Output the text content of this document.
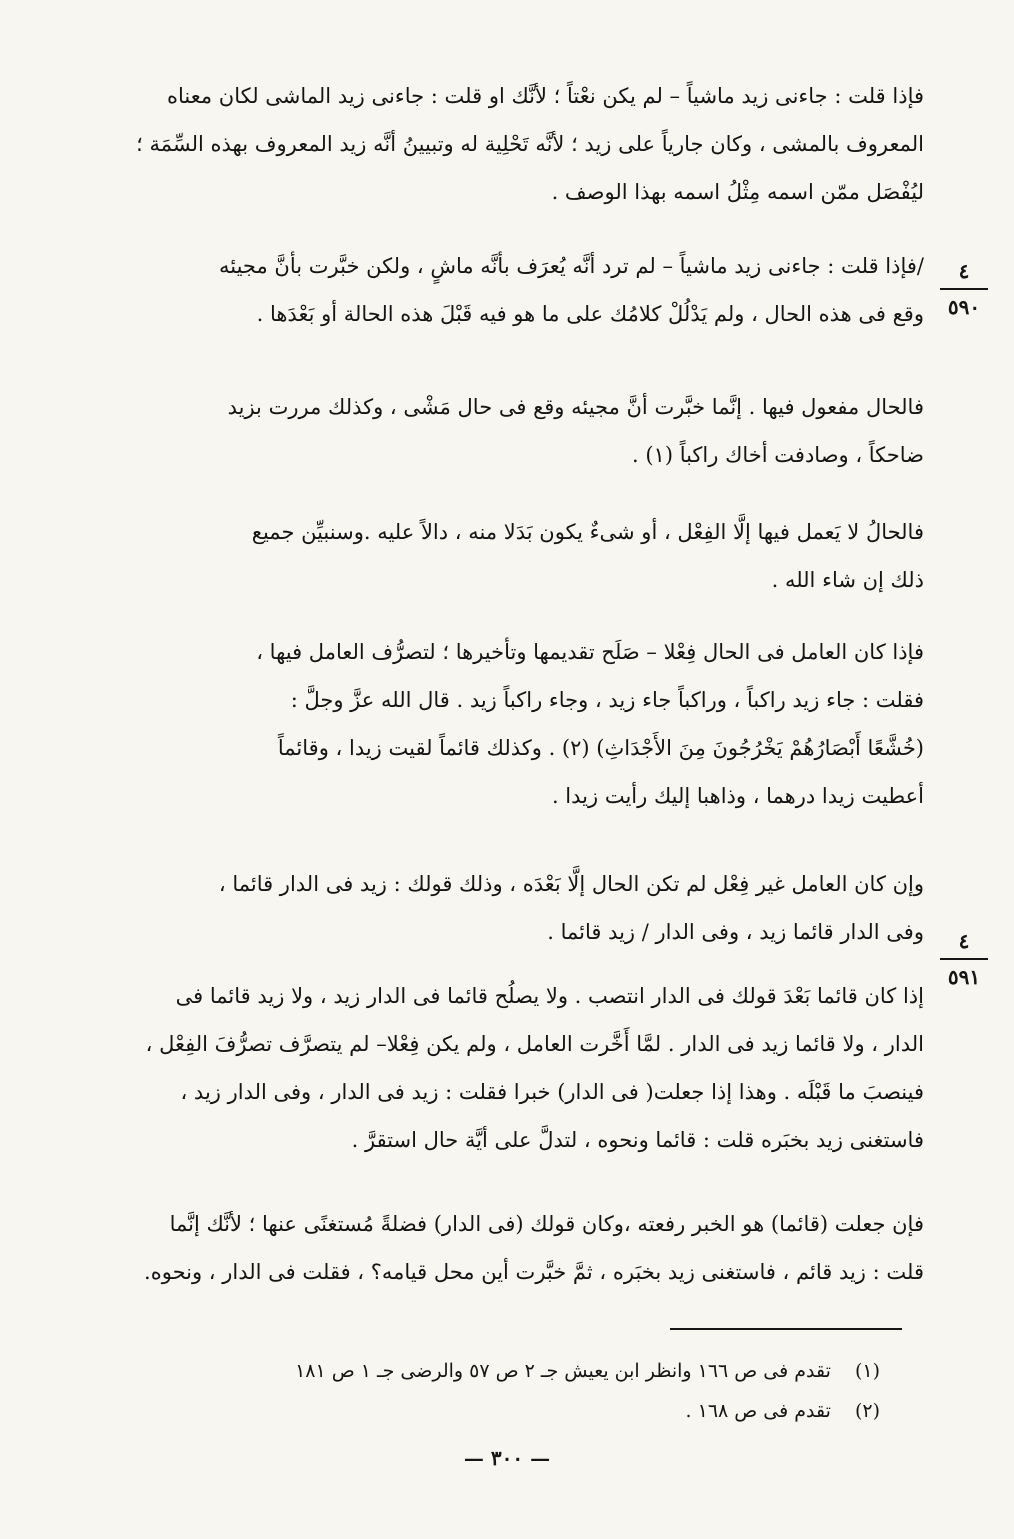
فإذا قلت : جاءنى زيد ماشياً – لم يكن نعْتاً ؛ لأنَّك او قلت : جاءنى زيد الماشى لكان معناه
المعروف بالمشى ، وكان جارياً على زيد ؛ لأنَّه تَحْلِية له وتبيينُ أنَّه زيد المعروف بهذه السِّمَة ؛
ليُفْصَل ممّن اسمه مِثْلُ اسمه بهذا الوصف .
/فإذا قلت : جاءنى زيد ماشياً – لم ترد أنَّه يُعرَف بأنَّه ماشٍ ، ولكن خبَّرت بأنَّ مجيئه
وقع فى هذه الحال ، ولم يَدْلُلْ كلامُك على ما هو فيه قَبْلَ هذه الحالة أو بَعْدَها .
فالحال مفعول فيها . إنَّما خبَّرت أنَّ مجيئه وقع فى حال مَشْى ، وكذلك مررت بزيد
ضاحكاً ، وصادفت أخاك راكباً (١) .
فالحالُ لا يَعمل فيها إلَّا الفِعْل ، أو شىءٌ يكون بَدَلا منه ، دالاً عليه .وسنبيِّن جميع
ذلك إن شاء الله .
فإذا كان العامل فى الحال فِعْلا – صَلَح تقديمها وتأخيرها ؛ لتصرُّف العامل فيها ،
فقلت : جاء زيد راكباً ، وراكباً جاء زيد ، وجاء راكباً زيد . قال الله عزَّ وجلَّ :
(خُشَّعًا أَبْصَارُهُمْ يَخْرُجُونَ مِنَ الأَجْدَاثِ) (٢) . وكذلك قائماً لقيت زيدا ، وقائماً
أعطيت زيدا درهما ، وذاهبا إليك رأيت زيدا .
وإن كان العامل غير فِعْل لم تكن الحال إلَّا بَعْدَه ، وذلك قولك : زيد فى الدار قائما ،
وفى الدار قائما زيد ، وفى الدار / زيد قائما .
إذا كان قائما بَعْدَ قولك فى الدار انتصب . ولا يصلُح قائما فى الدار زيد ، ولا زيد قائما فى
الدار ، ولا قائما زيد فى الدار . لمَّا أَخَّرت العامل ، ولم يكن فِعْلا– لم يتصرَّف تصرُّفَ الفِعْل ،
فينصبَ ما قَبْلَه . وهذا إذا جعلت( فى الدار) خبرا فقلت : زيد فى الدار ، وفى الدار زيد ،
فاستغنى زيد بخبَره قلت : قائما ونحوه ، لتدلَّ على أيَّة حال استقرَّ .
فإن جعلت (قائما) هو الخبر رفعته ،وكان قولك (فى الدار) فضلةً مُستغنًى عنها ؛ لأنَّك إنَّما
قلت : زيد قائم ، فاستغنى زيد بخبَره ، ثمَّ خبَّرت أين محل قيامه؟ ، فقلت فى الدار ، ونحوه.
٤
٥٩٠
٤
٥٩١
(١) تقدم فى ص ١٦٦ وانظر ابن يعيش جـ ٢ ص ٥٧ والرضى جـ ١ ص ١٨١
(٢) تقدم فى ص ١٦٨ .
— ٣٠٠ —
